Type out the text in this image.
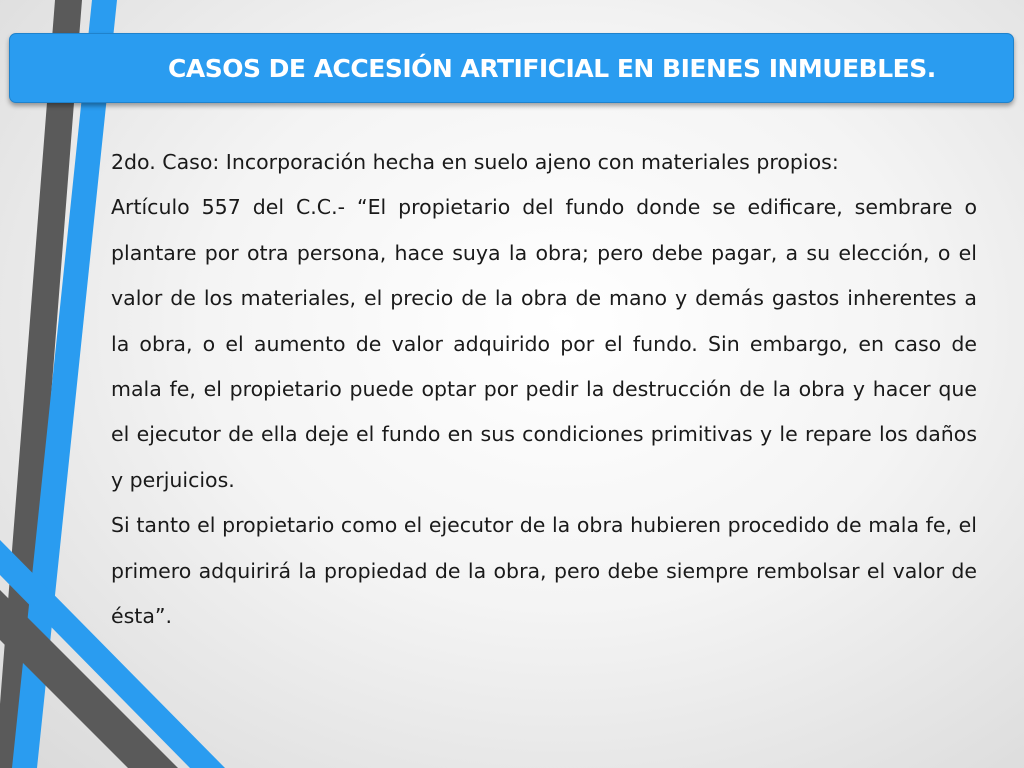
CASOS DE ACCESIÓN ARTIFICIAL EN BIENES INMUEBLES.

2do. Caso: Incorporación hecha en suelo ajeno con materiales propios:

Artículo 557 del C.C.- “El propietario del fundo donde se edificare, sembrare o plantare por otra persona, hace suya la obra; pero debe pagar, a su elección, o el valor de los materiales, el precio de la obra de mano y demás gastos inherentes a la obra, o el aumento de valor adquirido por el fundo. Sin embargo, en caso de mala fe, el propietario puede optar por pedir la destrucción de la obra y hacer que el ejecutor de ella deje el fundo en sus condiciones primitivas y le repare los daños y perjuicios.

Si tanto el propietario como el ejecutor de la obra hubieren procedido de mala fe, el primero adquirirá la propiedad de la obra, pero debe siempre rembolsar el valor de ésta”.
